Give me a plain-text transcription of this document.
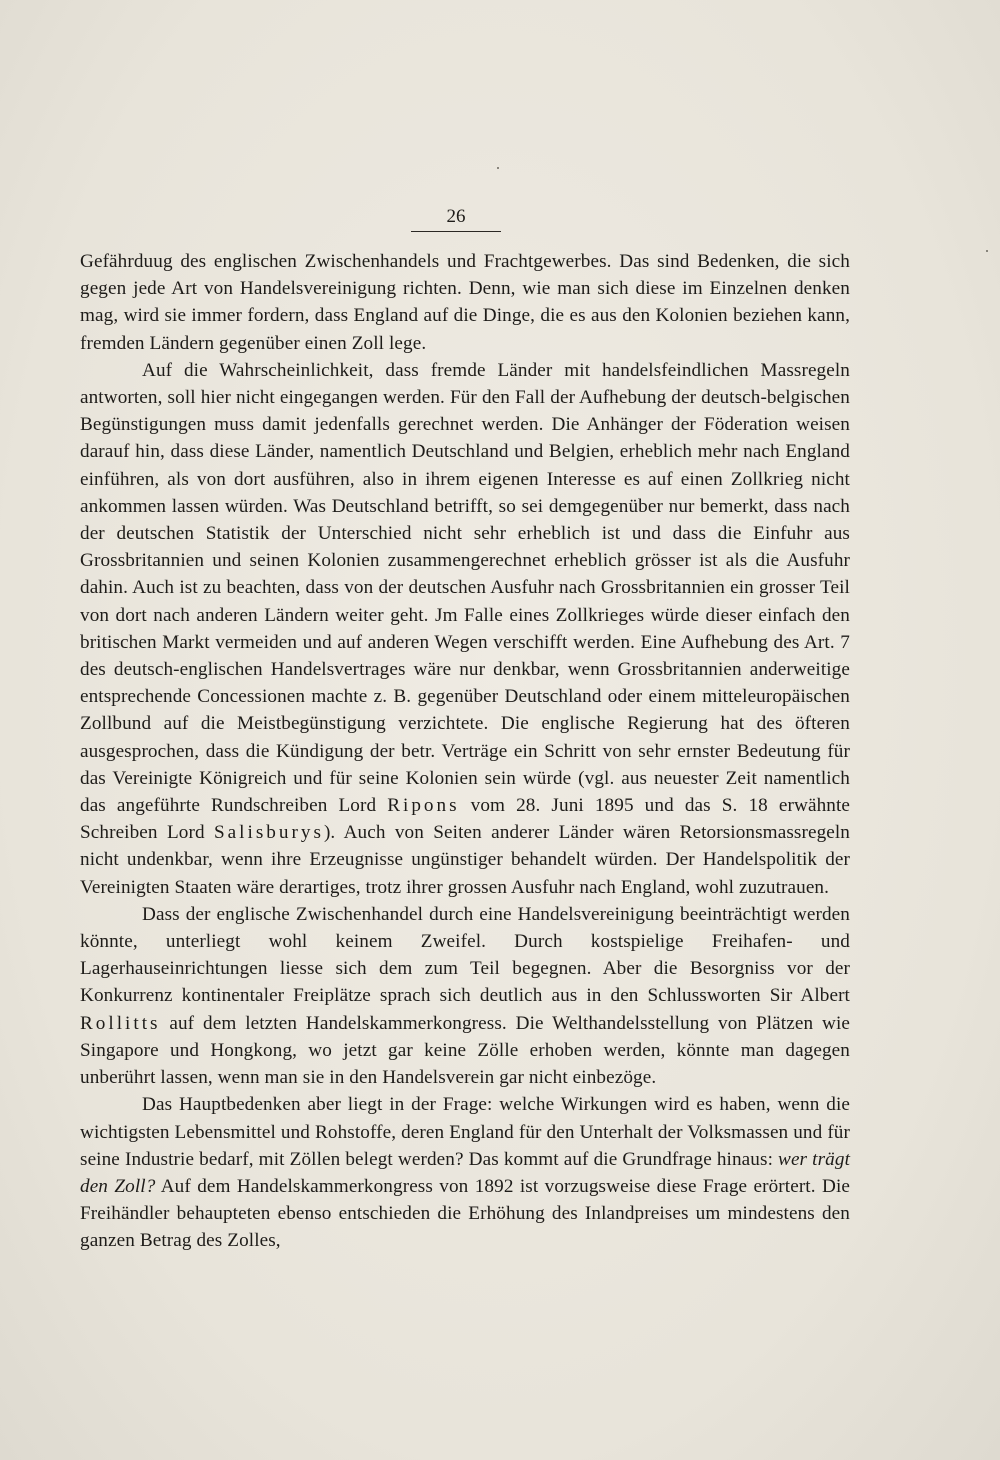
26

Gefährduug des englischen Zwischenhandels und Frachtgewerbes. Das sind Bedenken, die sich gegen jede Art von Handelsvereinigung richten. Denn, wie man sich diese im Einzelnen denken mag, wird sie immer fordern, dass England auf die Dinge, die es aus den Kolonien beziehen kann, fremden Ländern gegenüber einen Zoll lege.

Auf die Wahrscheinlichkeit, dass fremde Länder mit handelsfeindlichen Massregeln antworten, soll hier nicht eingegangen werden. Für den Fall der Aufhebung der deutsch-belgischen Begünstigungen muss damit jedenfalls gerechnet werden. Die Anhänger der Föderation weisen darauf hin, dass diese Länder, namentlich Deutschland und Belgien, erheblich mehr nach England einführen, als von dort ausführen, also in ihrem eigenen Interesse es auf einen Zollkrieg nicht ankommen lassen würden. Was Deutschland betrifft, so sei demgegenüber nur bemerkt, dass nach der deutschen Statistik der Unterschied nicht sehr erheblich ist und dass die Einfuhr aus Grossbritannien und seinen Kolonien zusammengerechnet erheblich grösser ist als die Ausfuhr dahin. Auch ist zu beachten, dass von der deutschen Ausfuhr nach Grossbritannien ein grosser Teil von dort nach anderen Ländern weiter geht. Jm Falle eines Zollkrieges würde dieser einfach den britischen Markt vermeiden und auf anderen Wegen verschifft werden. Eine Aufhebung des Art. 7 des deutsch-englischen Handelsvertrages wäre nur denkbar, wenn Grossbritannien anderweitige entsprechende Concessionen machte z. B. gegenüber Deutschland oder einem mitteleuropäischen Zollbund auf die Meistbegünstigung verzichtete. Die englische Regierung hat des öfteren ausgesprochen, dass die Kündigung der betr. Verträge ein Schritt von sehr ernster Bedeutung für das Vereinigte Königreich und für seine Kolonien sein würde (vgl. aus neuester Zeit namentlich das angeführte Rundschreiben Lord Ripons vom 28. Juni 1895 und das S. 18 erwähnte Schreiben Lord Salisburys). Auch von Seiten anderer Länder wären Retorsionsmassregeln nicht undenkbar, wenn ihre Erzeugnisse ungünstiger behandelt würden. Der Handelspolitik der Vereinigten Staaten wäre derartiges, trotz ihrer grossen Ausfuhr nach England, wohl zuzutrauen.

Dass der englische Zwischenhandel durch eine Handelsvereinigung beeinträchtigt werden könnte, unterliegt wohl keinem Zweifel. Durch kostspielige Freihafen- und Lagerhauseinrichtungen liesse sich dem zum Teil begegnen. Aber die Besorgniss vor der Konkurrenz kontinentaler Freiplätze sprach sich deutlich aus in den Schlussworten Sir Albert Rollitts auf dem letzten Handelskammerkongress. Die Welthandelsstellung von Plätzen wie Singapore und Hongkong, wo jetzt gar keine Zölle erhoben werden, könnte man dagegen unberührt lassen, wenn man sie in den Handelsverein gar nicht einbezöge.

Das Hauptbedenken aber liegt in der Frage: welche Wirkungen wird es haben, wenn die wichtigsten Lebensmittel und Rohstoffe, deren England für den Unterhalt der Volksmassen und für seine Industrie bedarf, mit Zöllen belegt werden? Das kommt auf die Grundfrage hinaus: wer trägt den Zoll? Auf dem Handelskammerkongress von 1892 ist vorzugsweise diese Frage erörtert. Die Freihändler behaupteten ebenso entschieden die Erhöhung des Inlandpreises um mindestens den ganzen Betrag des Zolles,
